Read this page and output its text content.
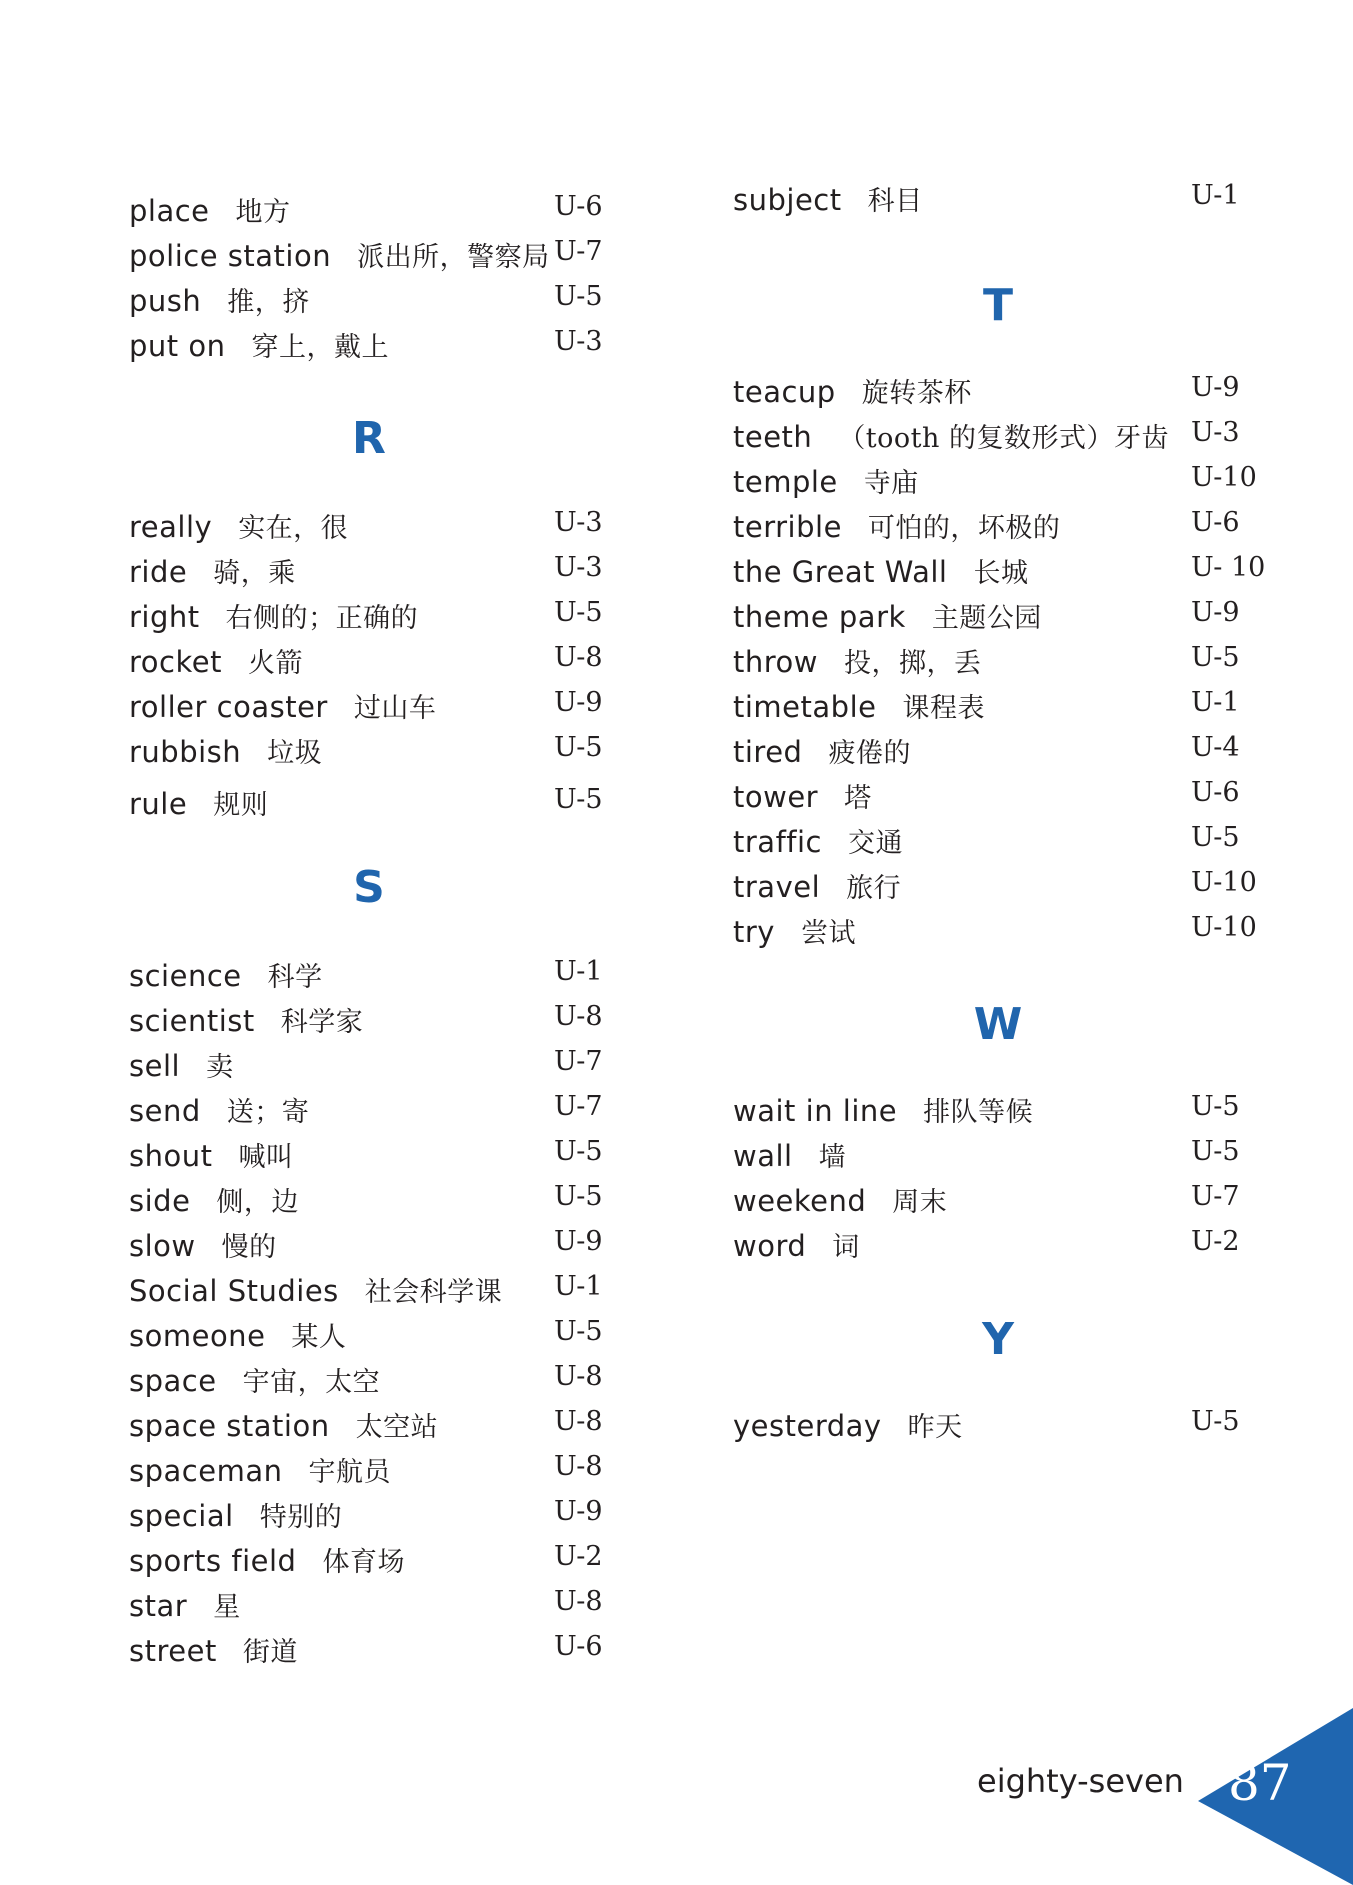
place 地方	U-6
police station 派出所，警察局 U-7
push 推，挤	U-5
put on 穿上，戴上	U-3
R
really 实在，很	U-3
ride 骑，乘	U-3
right 右侧的；正确的	U-5
rocket 火箭	U-8
roller coaster 过山车	U-9
rubbish 垃圾	U-5
rule 规则	U-5
S
science 科学	U-1
scientist 科学家	U-8
sell 卖	U-7
send 送；寄	U-7
shout 喊叫	U-5
side 侧，边	U-5
slow 慢的	U-9
Social Studies 社会科学课 U-1
someone 某人	U-5
space 宇宙，太空	U-8
space station 太空站	U-8
spaceman 宇航员	U-8
special 特别的	U-9
sports field 体育场	U-2
star 星	U-8
street 街道	U-6
subject 科目	U-1
T
teacup 旋转茶杯	U-9
teeth （tooth 的复数形式）牙齿 U-3
temple 寺庙	U-10
terrible 可怕的，坏极的	U-6
the Great Wall 长城	U- 10
theme park 主题公园	U-9
throw 投，掷，丢	U-5
timetable 课程表	U-1
tired 疲倦的	U-4
tower 塔	U-6
traffic 交通	U-5
travel 旅行	U-10
try 尝试	U-10
W
wait in line 排队等候	U-5
wall 墙	U-5
weekend 周末	U-7
word 词	U-2
Y
yesterday 昨天	U-5
eighty-seven 87
